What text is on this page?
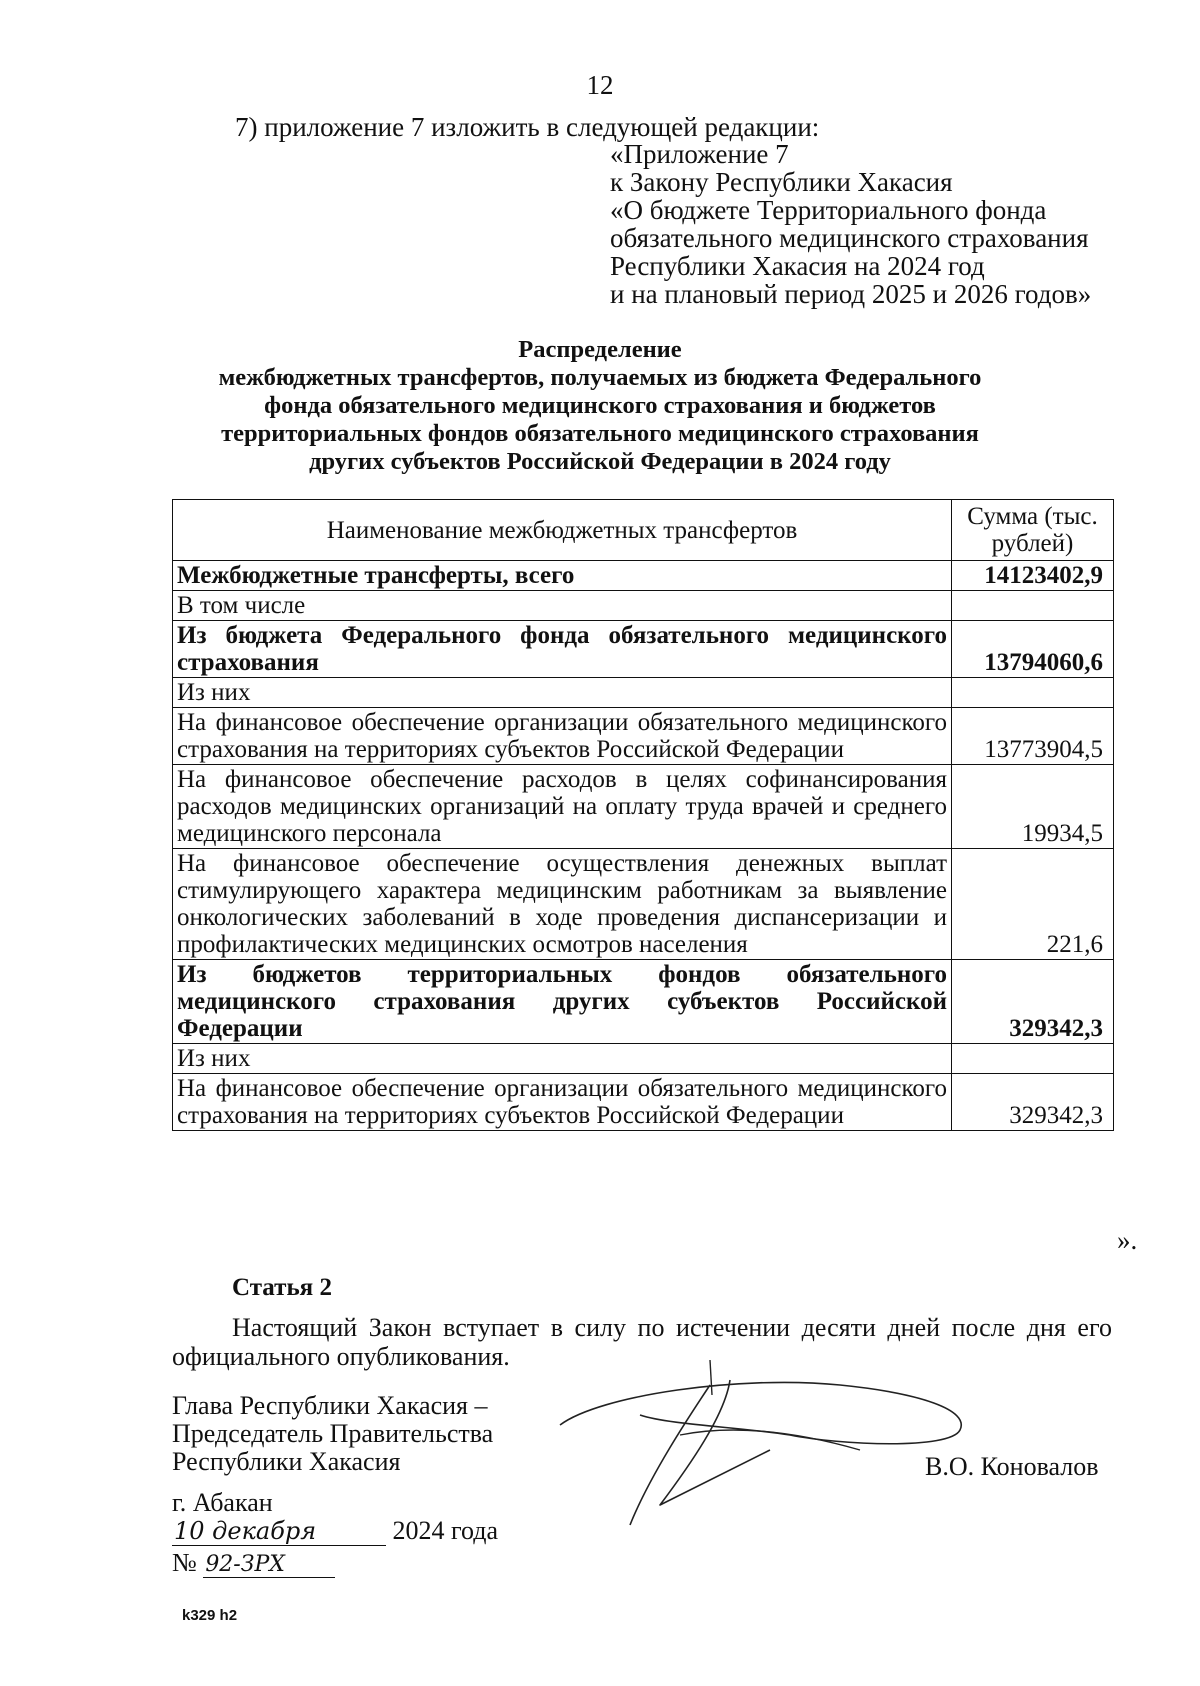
12
7) приложение 7 изложить в следующей редакции:
«Приложение 7
к Закону Республики Хакасия
«О бюджете Территориального фонда
обязательного медицинского страхования
Республики Хакасия на 2024 год
и на плановый период 2025 и 2026 годов»
Распределение
межбюджетных трансфертов, получаемых из бюджета Федерального
фонда обязательного медицинского страхования и бюджетов
территориальных фондов обязательного медицинского страхования
других субъектов Российской Федерации в 2024 году
Наименование межбюджетных трансфертов	Сумма (тыс. рублей)
Межбюджетные трансферты, всего	14123402,9
В том числе	
Из бюджета Федерального фонда обязательного медицинского страхования	13794060,6
Из них	
На финансовое обеспечение организации обязательного медицинского страхования на территориях субъектов Российской Федерации	13773904,5
На финансовое обеспечение расходов в целях софинансирования расходов медицинских организаций на оплату труда врачей и среднего медицинского персонала	19934,5
На финансовое обеспечение осуществления денежных выплат стимулирующего характера медицинским работникам за выявление онкологических заболеваний в ходе проведения диспансеризации и профилактических медицинских осмотров населения	221,6
Из бюджетов территориальных фондов обязательного медицинского страхования других субъектов Российской Федерации	329342,3
Из них	
На финансовое обеспечение организации обязательного медицинского страхования на территориях субъектов Российской Федерации	329342,3
».
Статья 2
Настоящий Закон вступает в силу по истечении десяти дней после дня его официального опубликования.
Глава Республики Хакасия –
Председатель Правительства
Республики Хакасия	В.О. Коновалов
г. Абакан
10 декабря	2024 года
№ 92-ЗРХ
k329 h2
